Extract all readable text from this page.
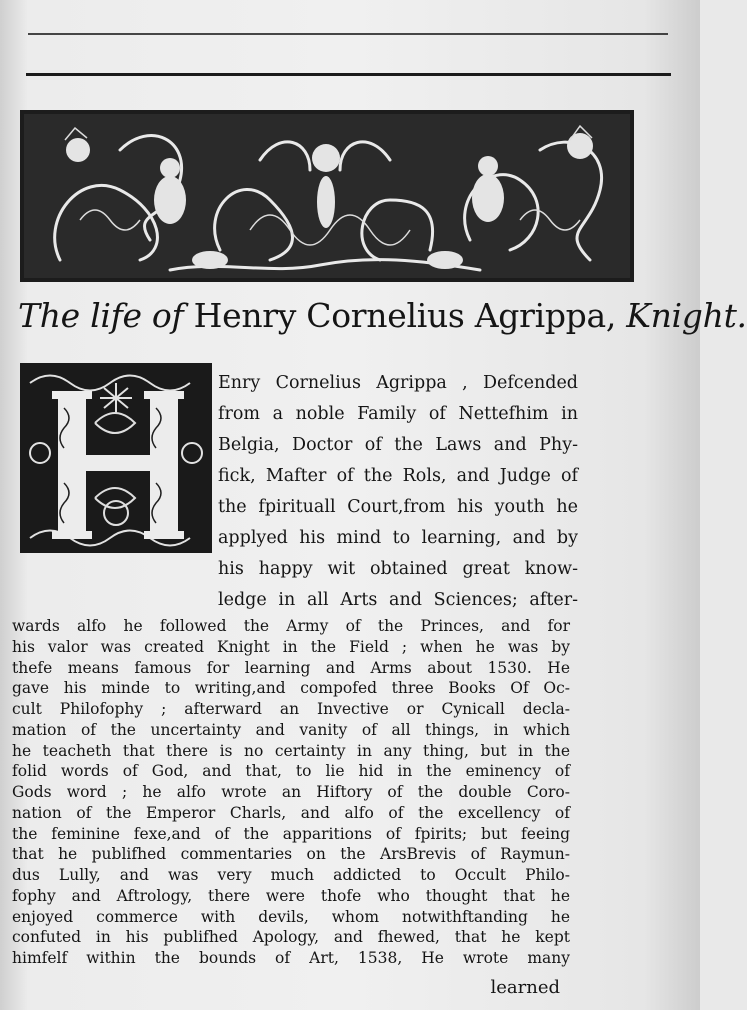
The life of Henry Cornelius Agrippa, Knight.
Enry Cornelius Agrippa , Defcended
from a noble Family of Nettefhim in
Belgia, Doctor of the Laws and Phy-
fick, Mafter of the Rols, and Judge of
the fpirituall Court,from his youth he
applyed his mind to learning, and by
his happy wit obtained great know-
ledge in all Arts and Sciences; after-
wards alfo he followed the Army of the Princes, and for
his valor was created Knight in the Field ; when he was by
thefe means famous for learning and Arms about 1530. He
gave his minde to writing,and compofed three Books Of Oc-
cult Philofophy ; afterward an Invective or Cynicall decla-
mation of the uncertainty and vanity of all things, in which
he teacheth that there is no certainty in any thing, but in the
folid words of God, and that, to lie hid in the eminency of
Gods word ; he alfo wrote an Hiftory of the double Coro-
nation of the Emperor Charls, and alfo of the excellency of
the feminine fexe,and of the apparitions of fpirits; but feeing
that he publifhed commentaries on the ArsBrevis of Raymun-
dus Lully, and was very much addicted to Occult Philo-
fophy and Aftrology, there were thofe who thought that he
enjoyed commerce with devils, whom notwithftanding he
confuted in his publifhed Apology, and fhewed, that he kept
himfelf within the bounds of Art, 1538, He wrote many
learned
